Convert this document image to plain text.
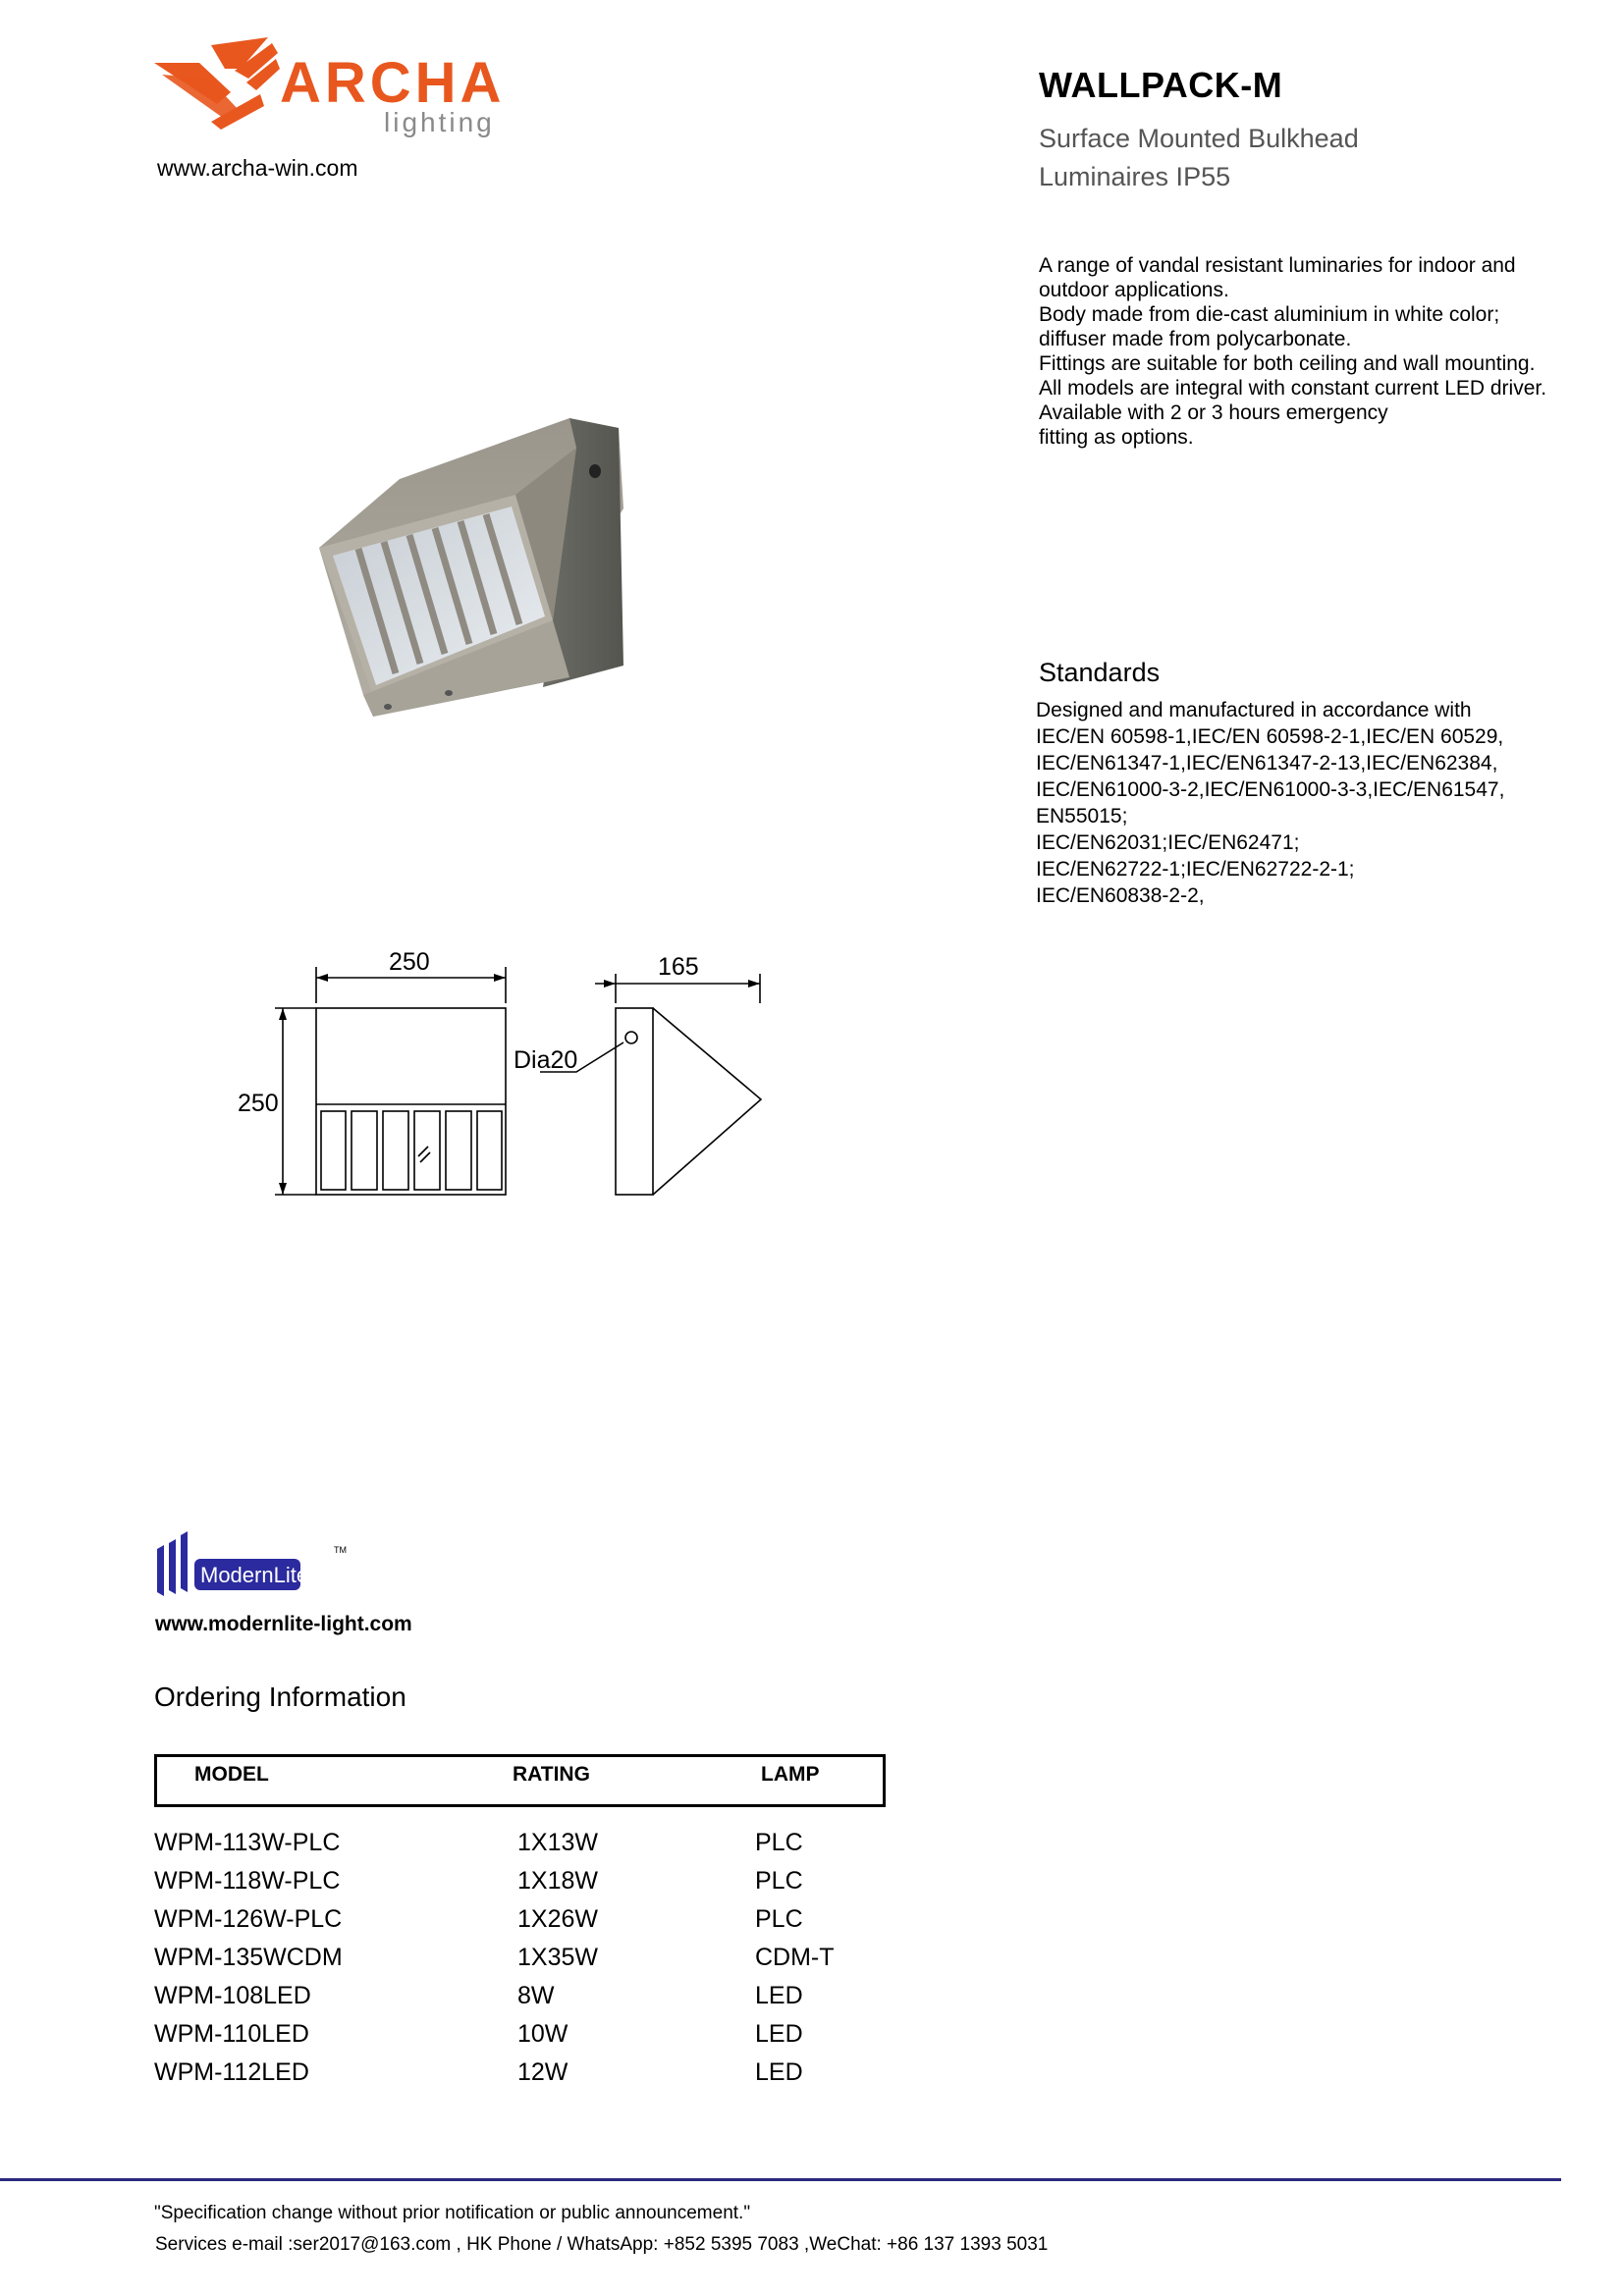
ARCHA
lighting
www.archa-win.com
WALLPACK-M
Surface Mounted Bulkhead
Luminaires IP55
A range of vandal resistant luminaries for indoor and
outdoor applications.
Body made from die-cast aluminium in white color;
diffuser made from polycarbonate.
Fittings are suitable for both ceiling and wall mounting.
All models are integral with constant current LED driver.
Available with 2 or 3 hours emergency
fitting as options.
Standards
Designed and manufactured in accordance with
IEC/EN 60598-1,IEC/EN 60598-2-1,IEC/EN 60529,
IEC/EN61347-1,IEC/EN61347-2-13,IEC/EN62384,
IEC/EN61000-3-2,IEC/EN61000-3-3,IEC/EN61547,
EN55015;
IEC/EN62031;IEC/EN62471;
IEC/EN62722-1;IEC/EN62722-2-1;
IEC/EN60838-2-2,
250	165
250
Dia20
ModernLite
TM
www.modernlite-light.com
Ordering Information
MODEL	RATING	LAMP
WPM-113W-PLC	1X13W	PLC
WPM-118W-PLC	1X18W	PLC
WPM-126W-PLC	1X26W	PLC
WPM-135WCDM	1X35W	CDM-T
WPM-108LED	8W	LED
WPM-110LED	10W	LED
WPM-112LED	12W	LED
"Specification change without prior notification or public announcement."
Services e-mail :ser2017@163.com , HK Phone / WhatsApp: +852 5395 7083 ,WeChat: +86 137 1393 5031
